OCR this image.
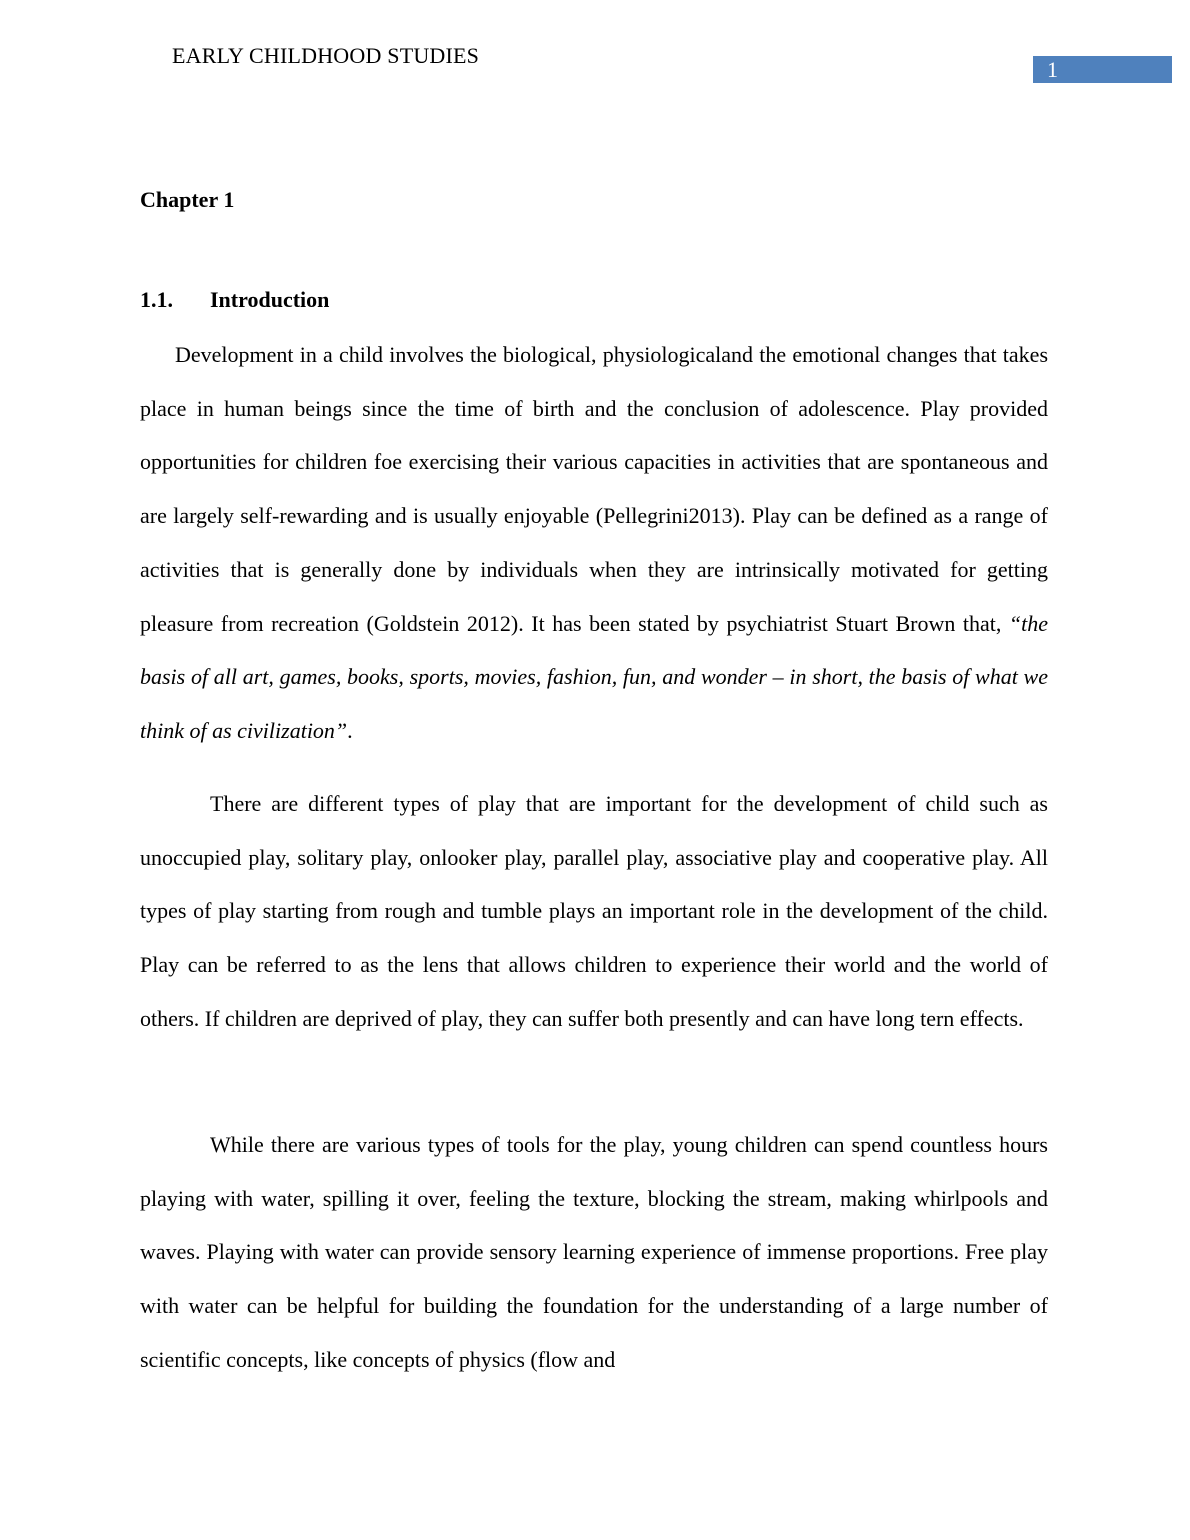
EARLY CHILDHOOD STUDIES
1
Chapter 1
1.1. Introduction

Development in a child involves the biological, physiologicaland the emotional changes that takes place in human beings since the time of birth and the conclusion of adolescence. Play provided opportunities for children foe exercising their various capacities in activities that are spontaneous and are largely self-rewarding and is usually enjoyable (Pellegrini2013). Play can be defined as a range of activities that is generally done by individuals when they are intrinsically motivated for getting pleasure from recreation (Goldstein 2012). It has been stated by psychiatrist Stuart Brown that, “the basis of all art, games, books, sports, movies, fashion, fun, and wonder – in short, the basis of what we think of as civilization”.

There are different types of play that are important for the development of child such as unoccupied play, solitary play, onlooker play, parallel play, associative play and cooperative play. All types of play starting from rough and tumble plays an important role in the development of the child. Play can be referred to as the lens that allows children to experience their world and the world of others. If children are deprived of play, they can suffer both presently and can have long tern effects.

While there are various types of tools for the play, young children can spend countless hours playing with water, spilling it over, feeling the texture, blocking the stream, making whirlpools and waves. Playing with water can provide sensory learning experience of immense proportions. Free play with water can be helpful for building the foundation for the understanding of a large number of scientific concepts, like concepts of physics (flow and
